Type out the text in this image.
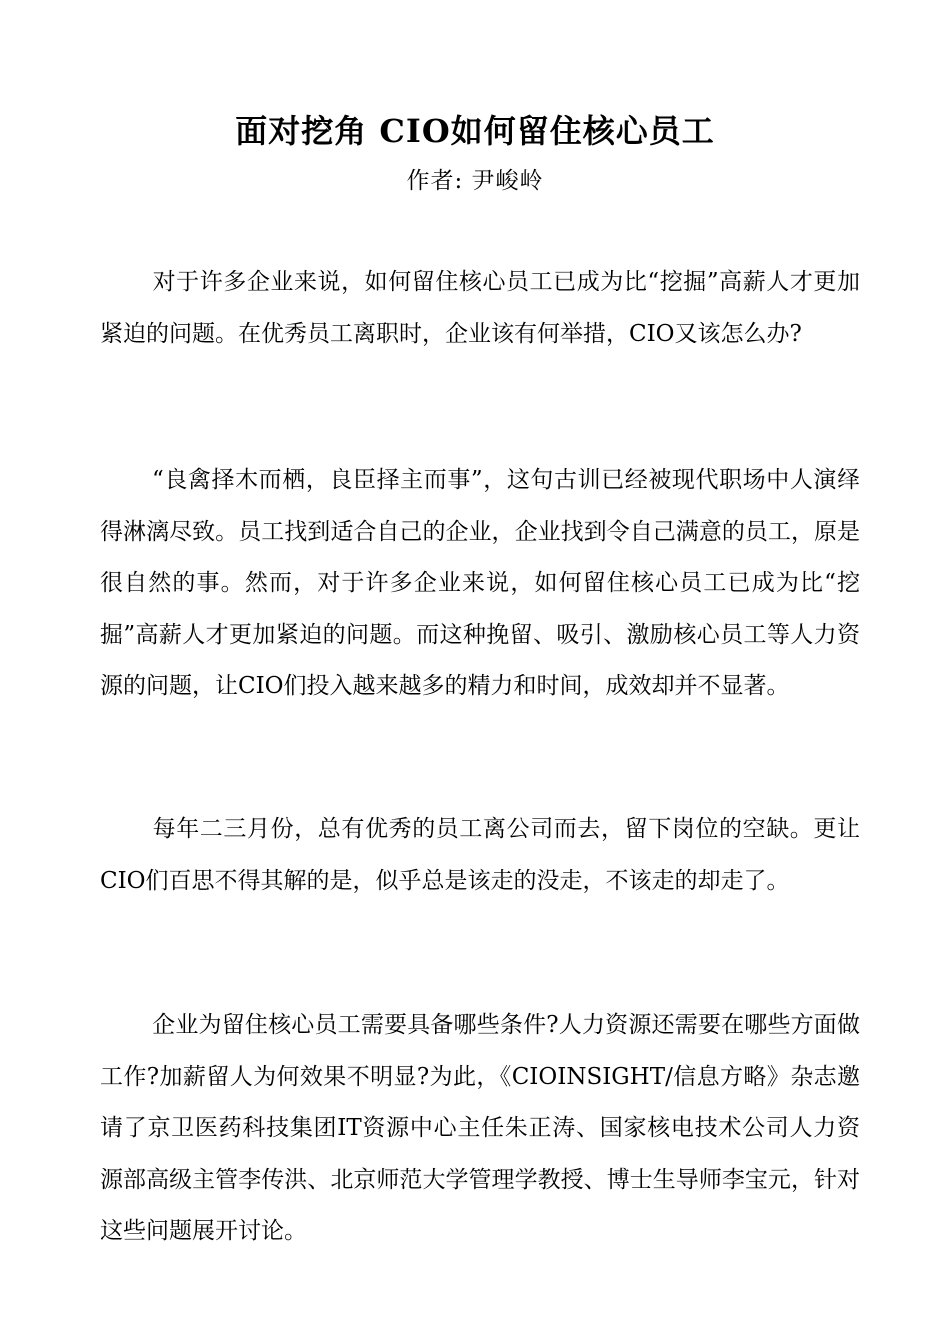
面对挖角 CIO如何留住核心员工
作者: 尹峻岭

对于许多企业来说，如何留住核心员工已成为比“挖掘”高薪人才更加紧迫的问题。在优秀员工离职时，企业该有何举措，CIO又该怎么办?

“良禽择木而栖，良臣择主而事”，这句古训已经被现代职场中人演绎得淋漓尽致。员工找到适合自己的企业，企业找到令自己满意的员工，原是很自然的事。然而，对于许多企业来说，如何留住核心员工已成为比“挖掘”高薪人才更加紧迫的问题。而这种挽留、吸引、激励核心员工等人力资源的问题，让CIO们投入越来越多的精力和时间，成效却并不显著。

每年二三月份，总有优秀的员工离公司而去，留下岗位的空缺。更让CIO们百思不得其解的是，似乎总是该走的没走，不该走的却走了。

企业为留住核心员工需要具备哪些条件?人力资源还需要在哪些方面做工作?加薪留人为何效果不明显?为此，《CIOINSIGHT/信息方略》杂志邀请了京卫医药科技集团IT资源中心主任朱正涛、国家核电技术公司人力资源部高级主管李传洪、北京师范大学管理学教授、博士生导师李宝元，针对这些问题展开讨论。
